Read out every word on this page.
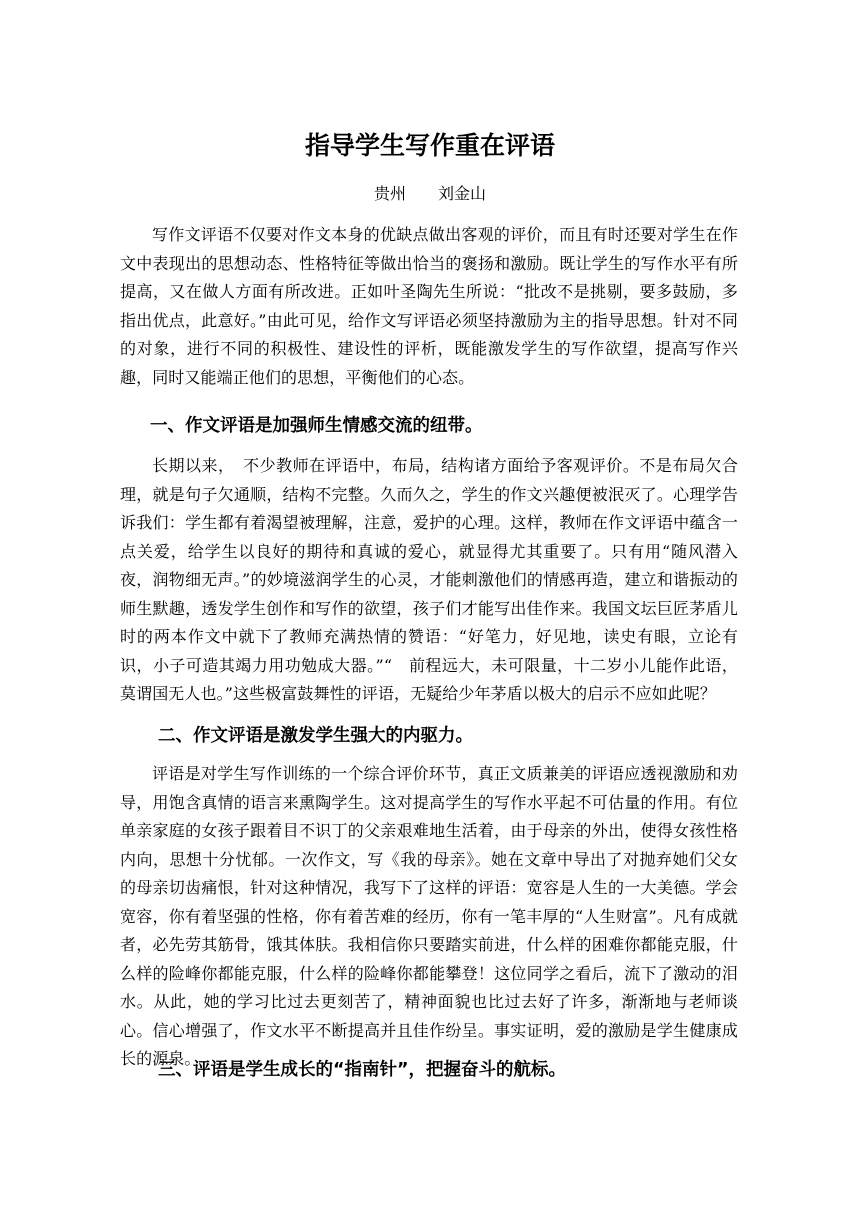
指导学生写作重在评语

贵州　　刘金山

写作文评语不仅要对作文本身的优缺点做出客观的评价，而且有时还要对学生在作文中表现出的思想动态、性格特征等做出恰当的褒扬和激励。既让学生的写作水平有所提高，又在做人方面有所改进。正如叶圣陶先生所说：“批改不是挑剔，要多鼓励，多指出优点，此意好。”由此可见，给作文写评语必须坚持激励为主的指导思想。针对不同的对象，进行不同的积极性、建设性的评析，既能激发学生的写作欲望，提高写作兴趣，同时又能端正他们的思想，平衡他们的心态。

一、作文评语是加强师生情感交流的纽带。

长期以来，　不少教师在评语中，布局，结构诸方面给予客观评价。不是布局欠合理，就是句子欠通顺，结构不完整。久而久之，学生的作文兴趣便被泯灭了。心理学告诉我们：学生都有着渴望被理解，注意，爱护的心理。这样，教师在作文评语中蕴含一点关爱，给学生以良好的期待和真诚的爱心，就显得尤其重要了。只有用“随风潜入夜，润物细无声。”的妙境滋润学生的心灵，才能刺激他们的情感再造，建立和谐振动的师生默趣，透发学生创作和写作的欲望，孩子们才能写出佳作来。我国文坛巨匠茅盾儿时的两本作文中就下了教师充满热情的赞语：“好笔力，好见地，读史有眼，立论有识，小子可造其竭力用功勉成大器。”“　前程远大，未可限量，十二岁小儿能作此语，莫谓国无人也。”这些极富鼓舞性的评语，无疑给少年茅盾以极大的启示不应如此呢？

二、作文评语是激发学生强大的内驱力。

评语是对学生写作训练的一个综合评价环节，真正文质兼美的评语应透视激励和劝导，用饱含真情的语言来熏陶学生。这对提高学生的写作水平起不可估量的作用。有位单亲家庭的女孩子跟着目不识丁的父亲艰难地生活着，由于母亲的外出，使得女孩性格内向，思想十分忧郁。一次作文，写《我的母亲》。她在文章中导出了对抛弃她们父女的母亲切齿痛恨，针对这种情况，我写下了这样的评语：宽容是人生的一大美德。学会宽容，你有着坚强的性格，你有着苦难的经历，你有一笔丰厚的“人生财富”。凡有成就者，必先劳其筋骨，饿其体肤。我相信你只要踏实前进，什么样的困难你都能克服，什么样的险峰你都能克服，什么样的险峰你都能攀登！这位同学之看后，流下了激动的泪水。从此，她的学习比过去更刻苦了，精神面貌也比过去好了许多，渐渐地与老师谈心。信心增强了，作文水平不断提高并且佳作纷呈。事实证明，爱的激励是学生健康成长的源泉。

三、评语是学生成长的“指南针”，把握奋斗的航标。
